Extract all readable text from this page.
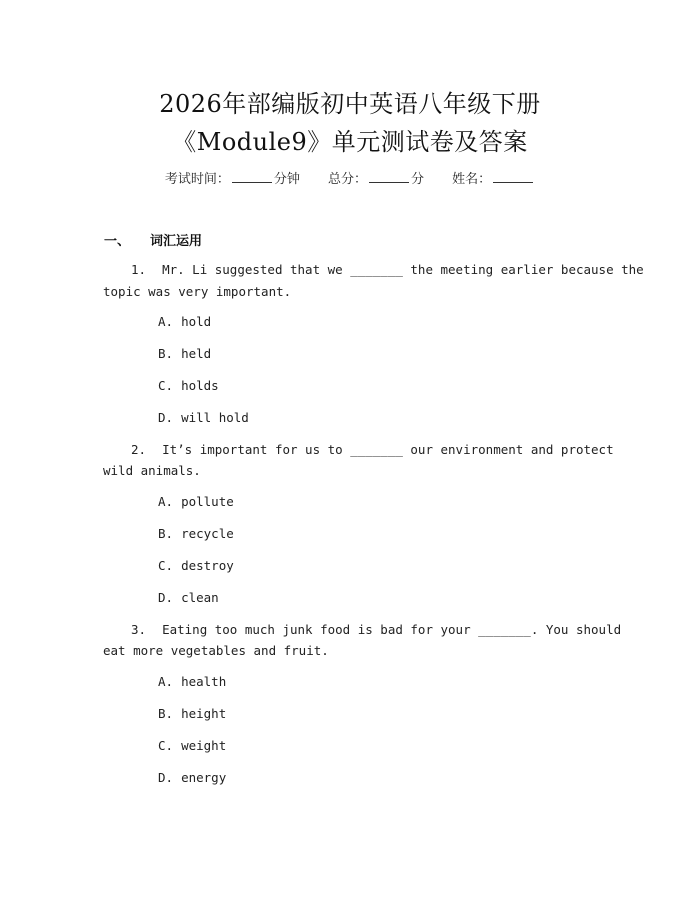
2026年部编版初中英语八年级下册
《Module9》单元测试卷及答案
考试时间：	分钟 总分：	分 姓名：
一、 词汇运用
1. Mr. Li suggested that we _______ the meeting earlier because the
topic was very important.
A. hold
B. held
C. holds
D. will hold
2. It’s important for us to _______ our environment and protect
wild animals.
A. pollute
B. recycle
C. destroy
D. clean
3. Eating too much junk food is bad for your _______. You should
eat more vegetables and fruit.
A. health
B. height
C. weight
D. energy
